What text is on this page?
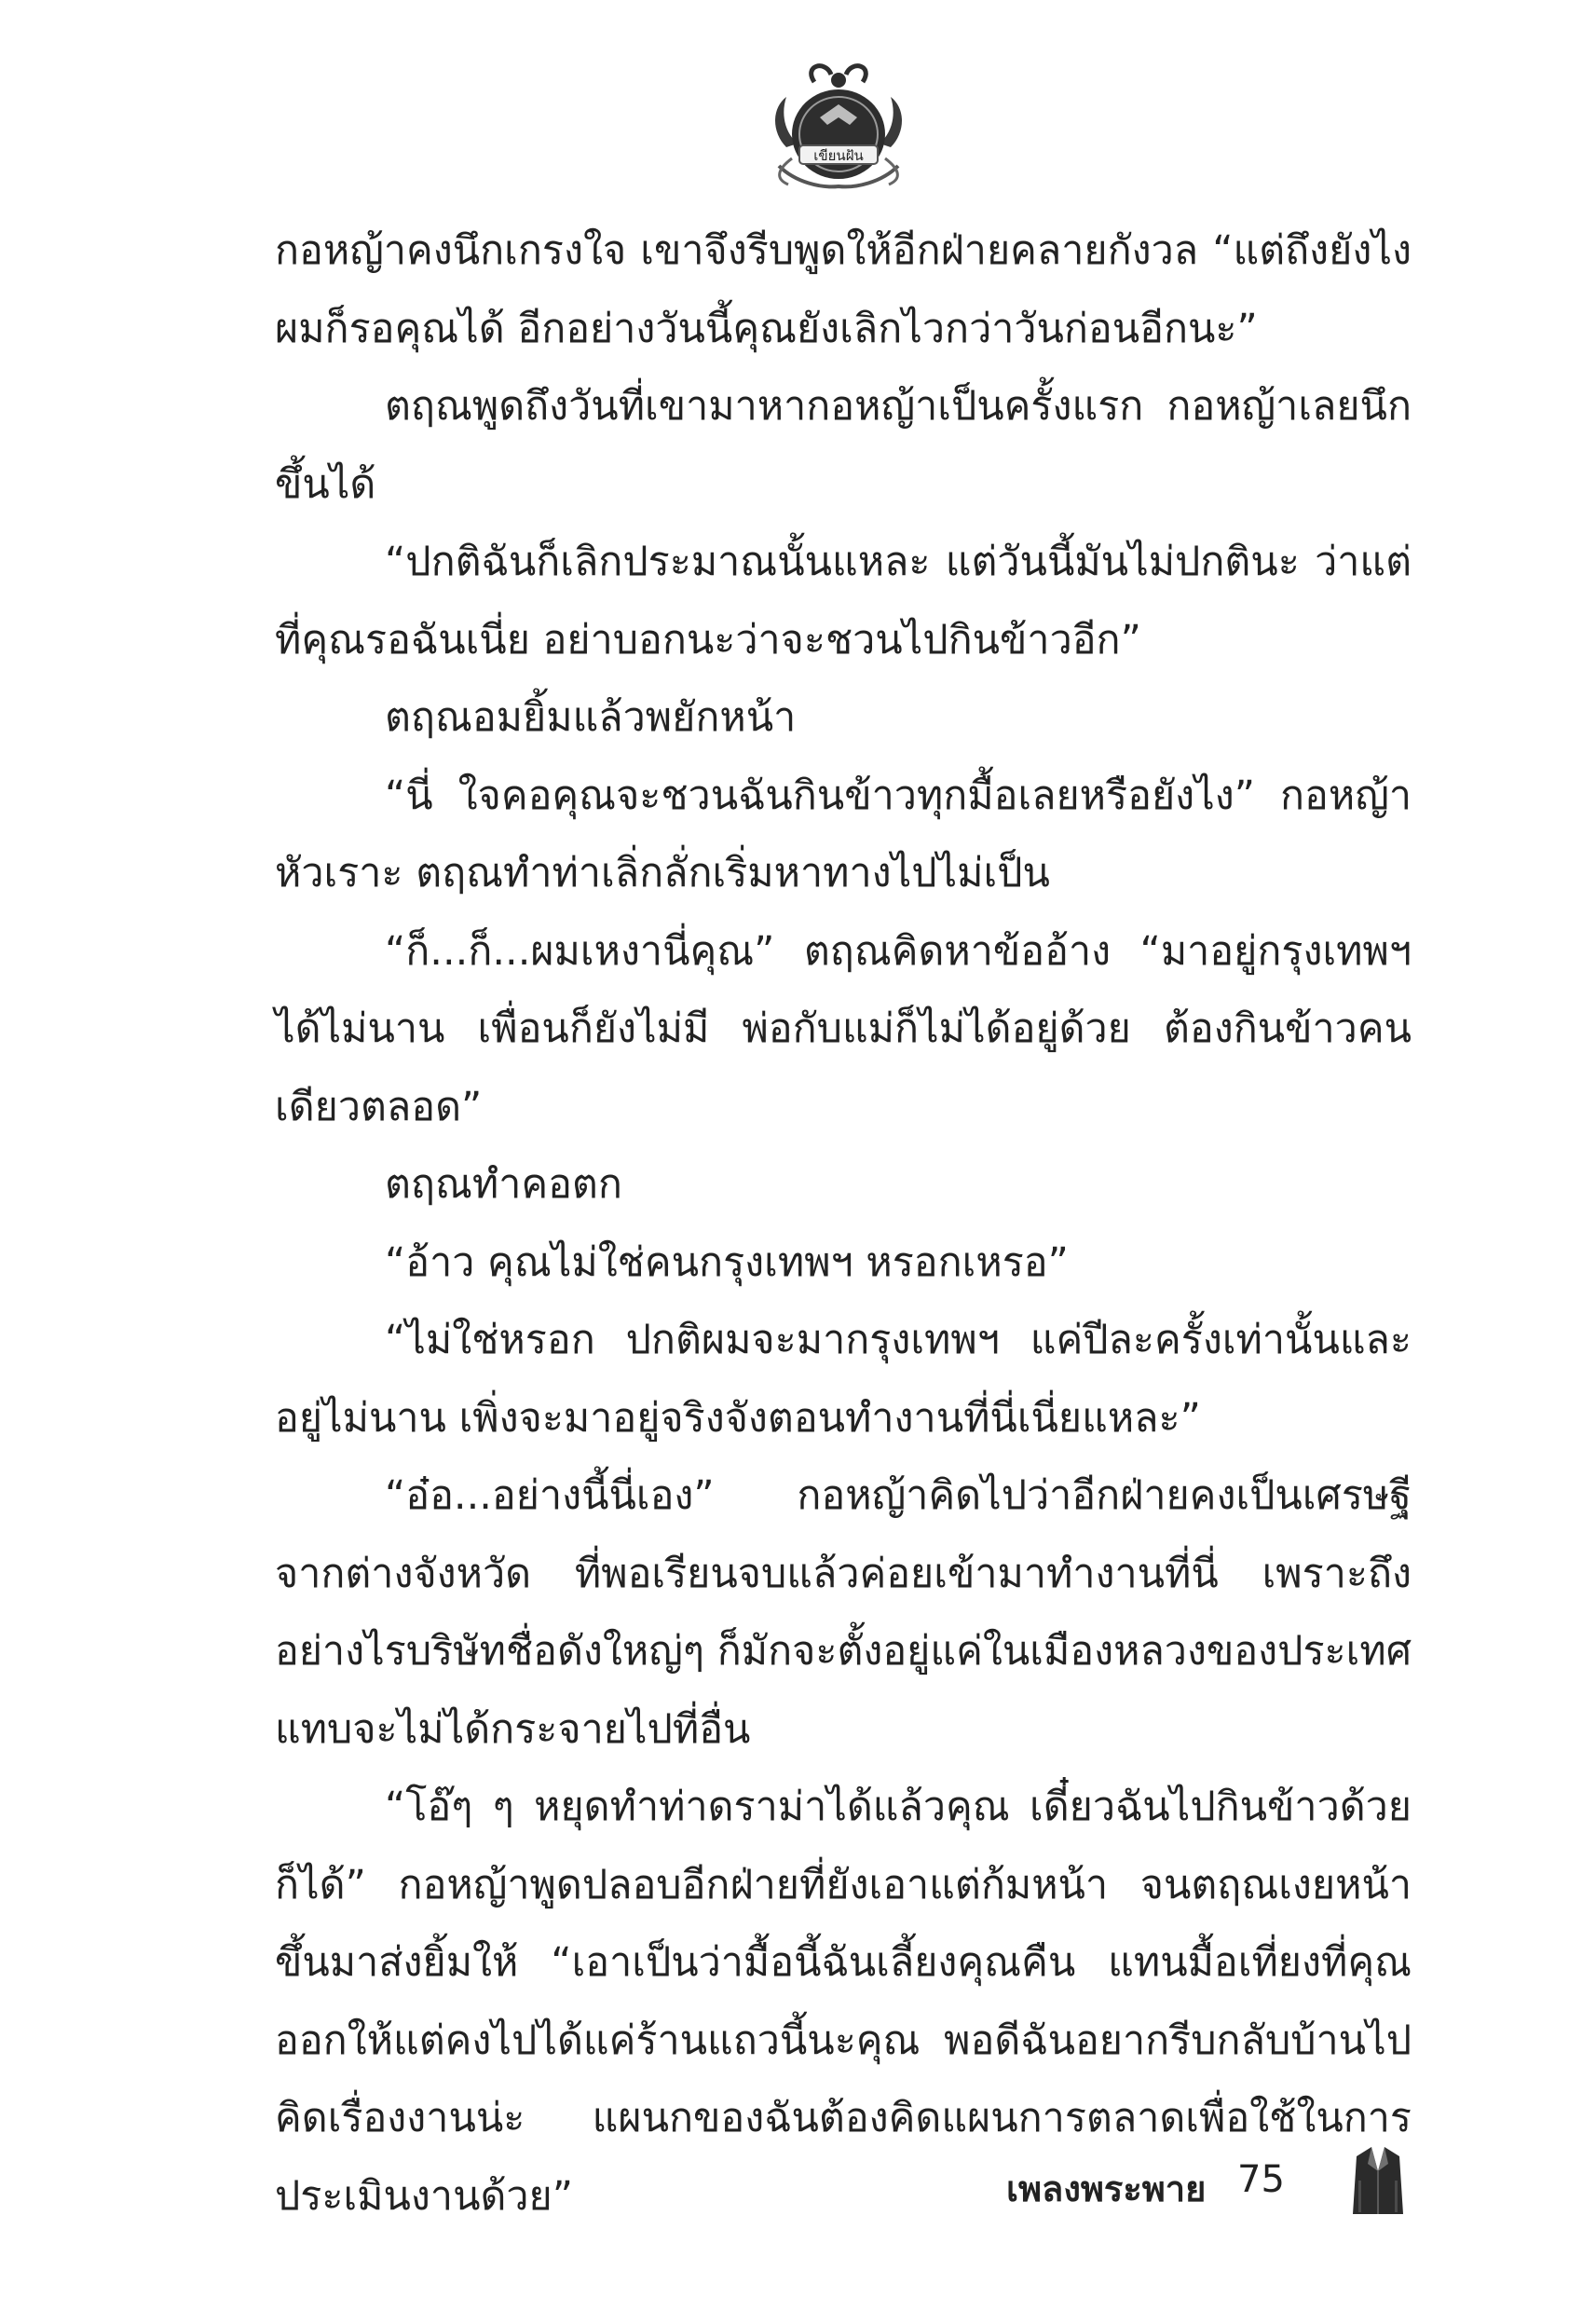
เขียนฝัน

กอหญ้าคงนึกเกรงใจ เขาจึงรีบพูดให้อีกฝ่ายคลายกังวล “แต่ถึงยังไงผมก็รอคุณได้ อีกอย่างวันนี้คุณยังเลิกไวกว่าวันก่อนอีกนะ”

ตฤณพูดถึงวันที่เขามาหากอหญ้าเป็นครั้งแรก กอหญ้าเลยนึกขึ้นได้

“ปกติฉันก็เลิกประมาณนั้นแหละ แต่วันนี้มันไม่ปกตินะ ว่าแต่ที่คุณรอฉันเนี่ย อย่าบอกนะว่าจะชวนไปกินข้าวอีก”

ตฤณอมยิ้มแล้วพยักหน้า

“นี่ ใจคอคุณจะชวนฉันกินข้าวทุกมื้อเลยหรือยังไง” กอหญ้าหัวเราะ ตฤณทำท่าเลิ่กลั่กเริ่มหาทางไปไม่เป็น

“ก็...ก็...ผมเหงานี่คุณ” ตฤณคิดหาข้ออ้าง “มาอยู่กรุงเทพฯได้ไม่นาน เพื่อนก็ยังไม่มี พ่อกับแม่ก็ไม่ได้อยู่ด้วย ต้องกินข้าวคนเดียวตลอด”

ตฤณทำคอตก

“อ้าว คุณไม่ใช่คนกรุงเทพฯ หรอกเหรอ”

“ไม่ใช่หรอก ปกติผมจะมากรุงเทพฯ แค่ปีละครั้งเท่านั้นและอยู่ไม่นาน เพิ่งจะมาอยู่จริงจังตอนทำงานที่นี่เนี่ยแหละ”

“อ๋อ...อย่างนี้นี่เอง” กอหญ้าคิดไปว่าอีกฝ่ายคงเป็นเศรษฐีจากต่างจังหวัด ที่พอเรียนจบแล้วค่อยเข้ามาทำงานที่นี่ เพราะถึงอย่างไรบริษัทชื่อดังใหญ่ๆ ก็มักจะตั้งอยู่แค่ในเมืองหลวงของประเทศ แทบจะไม่ได้กระจายไปที่อื่น

“โอ๊ๆ ๆ หยุดทำท่าดราม่าได้แล้วคุณ เดี๋ยวฉันไปกินข้าวด้วยก็ได้” กอหญ้าพูดปลอบอีกฝ่ายที่ยังเอาแต่ก้มหน้า จนตฤณเงยหน้าขึ้นมาส่งยิ้มให้ “เอาเป็นว่ามื้อนี้ฉันเลี้ยงคุณคืน แทนมื้อเที่ยงที่คุณออกให้แต่คงไปได้แค่ร้านแถวนี้นะคุณ พอดีฉันอยากรีบกลับบ้านไปคิดเรื่องงานน่ะ แผนกของฉันต้องคิดแผนการตลาดเพื่อใช้ในการประเมินงานด้วย”	เพลงพระพาย 75
